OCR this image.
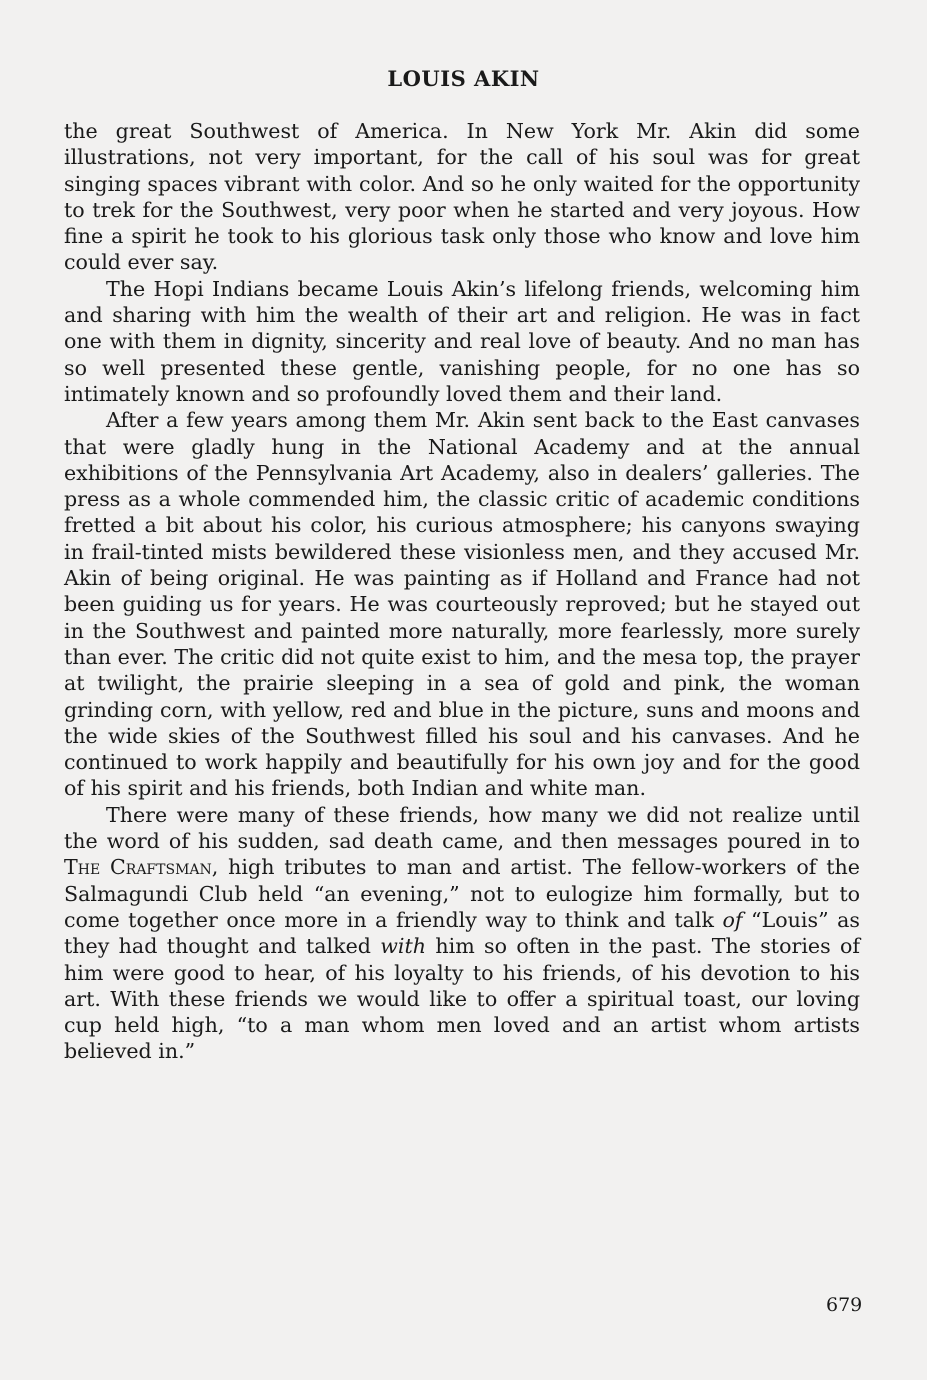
LOUIS AKIN

the great Southwest of America. In New York Mr. Akin did some illustrations, not very important, for the call of his soul was for great singing spaces vibrant with color. And so he only waited for the opportunity to trek for the Southwest, very poor when he started and very joyous. How fine a spirit he took to his glorious task only those who know and love him could ever say.

The Hopi Indians became Louis Akin’s lifelong friends, welcoming him and sharing with him the wealth of their art and religion. He was in fact one with them in dignity, sincerity and real love of beauty. And no man has so well presented these gentle, vanishing people, for no one has so intimately known and so profoundly loved them and their land.

After a few years among them Mr. Akin sent back to the East canvases that were gladly hung in the National Academy and at the annual exhibitions of the Pennsylvania Art Academy, also in dealers’ galleries. The press as a whole commended him, the classic critic of academic conditions fretted a bit about his color, his curious atmosphere; his canyons swaying in frail-tinted mists bewildered these visionless men, and they accused Mr. Akin of being original. He was painting as if Holland and France had not been guiding us for years. He was courteously reproved; but he stayed out in the Southwest and painted more naturally, more fearlessly, more surely than ever. The critic did not quite exist to him, and the mesa top, the prayer at twilight, the prairie sleeping in a sea of gold and pink, the woman grinding corn, with yellow, red and blue in the picture, suns and moons and the wide skies of the Southwest filled his soul and his canvases. And he continued to work happily and beautifully for his own joy and for the good of his spirit and his friends, both Indian and white man.

There were many of these friends, how many we did not realize until the word of his sudden, sad death came, and then messages poured in to The Craftsman, high tributes to man and artist. The fellow-workers of the Salmagundi Club held “an evening,” not to eulogize him formally, but to come together once more in a friendly way to think and talk of “Louis” as they had thought and talked with him so often in the past. The stories of him were good to hear, of his loyalty to his friends, of his devotion to his art. With these friends we would like to offer a spiritual toast, our loving cup held high, “to a man whom men loved and an artist whom artists believed in.”

679
